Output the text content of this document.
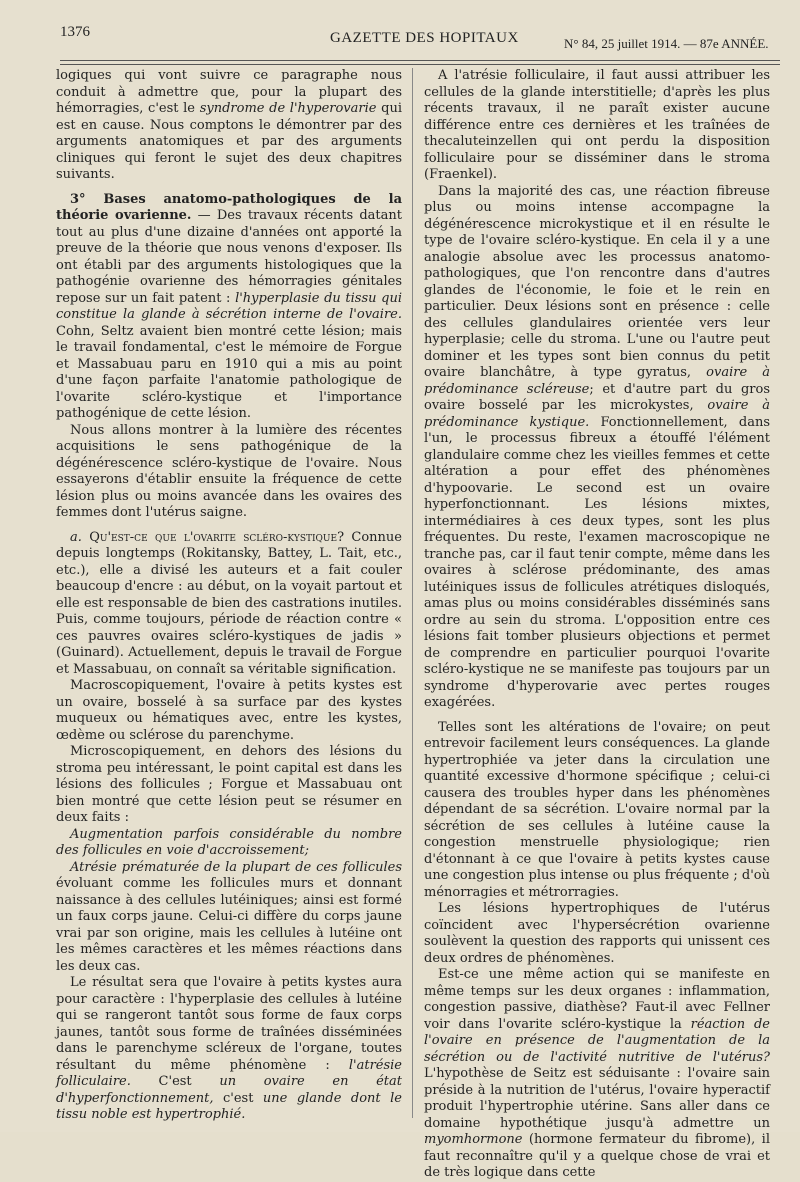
1376	GAZETTE DES HOPITAUX	N° 84, 25 juillet 1914. — 87e ANNÉE.

logiques qui vont suivre ce paragraphe nous conduit à admettre que, pour la plupart des hémorragies, c'est le syndrome de l'hyperovarie qui est en cause. Nous comptons le démontrer par des arguments anatomiques et par des arguments cliniques qui feront le sujet des deux chapitres suivants.

3° Bases anatomo-pathologiques de la théorie ovarienne. — Des travaux récents datant tout au plus d'une dizaine d'années ont apporté la preuve de la théorie que nous venons d'exposer. Ils ont établi par des arguments histologiques que la pathogénie ovarienne des hémorragies génitales repose sur un fait patent : l'hyperplasie du tissu qui constitue la glande à sécrétion interne de l'ovaire. Cohn, Seltz avaient bien montré cette lésion; mais le travail fondamental, c'est le mémoire de Forgue et Massabuau paru en 1910 qui a mis au point d'une façon parfaite l'anatomie pathologique de l'ovarite scléro-kystique et l'importance pathogénique de cette lésion.

Nous allons montrer à la lumière des récentes acquisitions le sens pathogénique de la dégénérescence scléro-kystique de l'ovaire. Nous essayerons d'établir ensuite la fréquence de cette lésion plus ou moins avancée dans les ovaires des femmes dont l'utérus saigne.

a. Qu'est-ce que l'ovarite scléro-kystique? Connue depuis longtemps (Rokitansky, Battey, L. Tait, etc., etc.), elle a divisé les auteurs et a fait couler beaucoup d'encre : au début, on la voyait partout et elle est responsable de bien des castrations inutiles. Puis, comme toujours, période de réaction contre « ces pauvres ovaires scléro-kystiques de jadis » (Guinard). Actuellement, depuis le travail de Forgue et Massabuau, on connaît sa véritable signification.

Macroscopiquement, l'ovaire à petits kystes est un ovaire, bosselé à sa surface par des kystes muqueux ou hématiques avec, entre les kystes, œdème ou sclérose du parenchyme.

Microscopiquement, en dehors des lésions du stroma peu intéressant, le point capital est dans les lésions des follicules ; Forgue et Massabuau ont bien montré que cette lésion peut se résumer en deux faits :

Augmentation parfois considérable du nombre des follicules en voie d'accroissement;

Atrésie prématurée de la plupart de ces follicules évoluant comme les follicules murs et donnant naissance à des cellules lutéiniques; ainsi est formé un faux corps jaune. Celui-ci diffère du corps jaune vrai par son origine, mais les cellules à lutéine ont les mêmes caractères et les mêmes réactions dans les deux cas.

Le résultat sera que l'ovaire à petits kystes aura pour caractère : l'hyperplasie des cellules à lutéine qui se rangeront tantôt sous forme de faux corps jaunes, tantôt sous forme de traînées disséminées dans le parenchyme scléreux de l'organe, toutes résultant du même phénomène : l'atrésie folliculaire. C'est un ovaire en état d'hyperfonctionnement, c'est une glande dont le tissu noble est hypertrophié.

A l'atrésie folliculaire, il faut aussi attribuer les cellules de la glande interstitielle; d'après les plus récents travaux, il ne paraît exister aucune différence entre ces dernières et les traînées de thecaluteinzellen qui ont perdu la disposition folliculaire pour se disséminer dans le stroma (Fraenkel).

Dans la majorité des cas, une réaction fibreuse plus ou moins intense accompagne la dégénérescence microkystique et il en résulte le type de l'ovaire scléro-kystique. En cela il y a une analogie absolue avec les processus anatomo-pathologiques, que l'on rencontre dans d'autres glandes de l'économie, le foie et le rein en particulier. Deux lésions sont en présence : celle des cellules glandulaires orientée vers leur hyperplasie; celle du stroma. L'une ou l'autre peut dominer et les types sont bien connus du petit ovaire blanchâtre, à type gyratus, ovaire à prédominance scléreuse; et d'autre part du gros ovaire bosselé par les microkystes, ovaire à prédominance kystique. Fonctionnellement, dans l'un, le processus fibreux a étouffé l'élément glandulaire comme chez les vieilles femmes et cette altération a pour effet des phénomènes d'hypoovarie. Le second est un ovaire hyperfonctionnant. Les lésions mixtes, intermédiaires à ces deux types, sont les plus fréquentes. Du reste, l'examen macroscopique ne tranche pas, car il faut tenir compte, même dans les ovaires à sclérose prédominante, des amas lutéiniques issus de follicules atrétiques disloqués, amas plus ou moins considérables disséminés sans ordre au sein du stroma. L'opposition entre ces lésions fait tomber plusieurs objections et permet de comprendre en particulier pourquoi l'ovarite scléro-kystique ne se manifeste pas toujours par un syndrome d'hyperovarie avec pertes rouges exagérées.

Telles sont les altérations de l'ovaire; on peut entrevoir facilement leurs conséquences. La glande hypertrophiée va jeter dans la circulation une quantité excessive d'hormone spécifique ; celui-ci causera des troubles hyper dans les phénomènes dépendant de sa sécrétion. L'ovaire normal par la sécrétion de ses cellules à lutéine cause la congestion menstruelle physiologique; rien d'étonnant à ce que l'ovaire à petits kystes cause une congestion plus intense ou plus fréquente ; d'où ménorragies et métrorragies.

Les lésions hypertrophiques de l'utérus coïncident avec l'hypersécrétion ovarienne soulèvent la question des rapports qui unissent ces deux ordres de phénomènes.

Est-ce une même action qui se manifeste en même temps sur les deux organes : inflammation, congestion passive, diathèse? Faut-il avec Fellner voir dans l'ovarite scléro-kystique la réaction de l'ovaire en présence de l'augmentation de la sécrétion ou de l'activité nutritive de l'utérus? L'hypothèse de Seitz est séduisante : l'ovaire sain préside à la nutrition de l'utérus, l'ovaire hyperactif produit l'hypertrophie utérine. Sans aller dans ce domaine hypothétique jusqu'à admettre un myomhormone (hormone fermateur du fibrome), il faut reconnaître qu'il y a quelque chose de vrai et de très logique dans cette
